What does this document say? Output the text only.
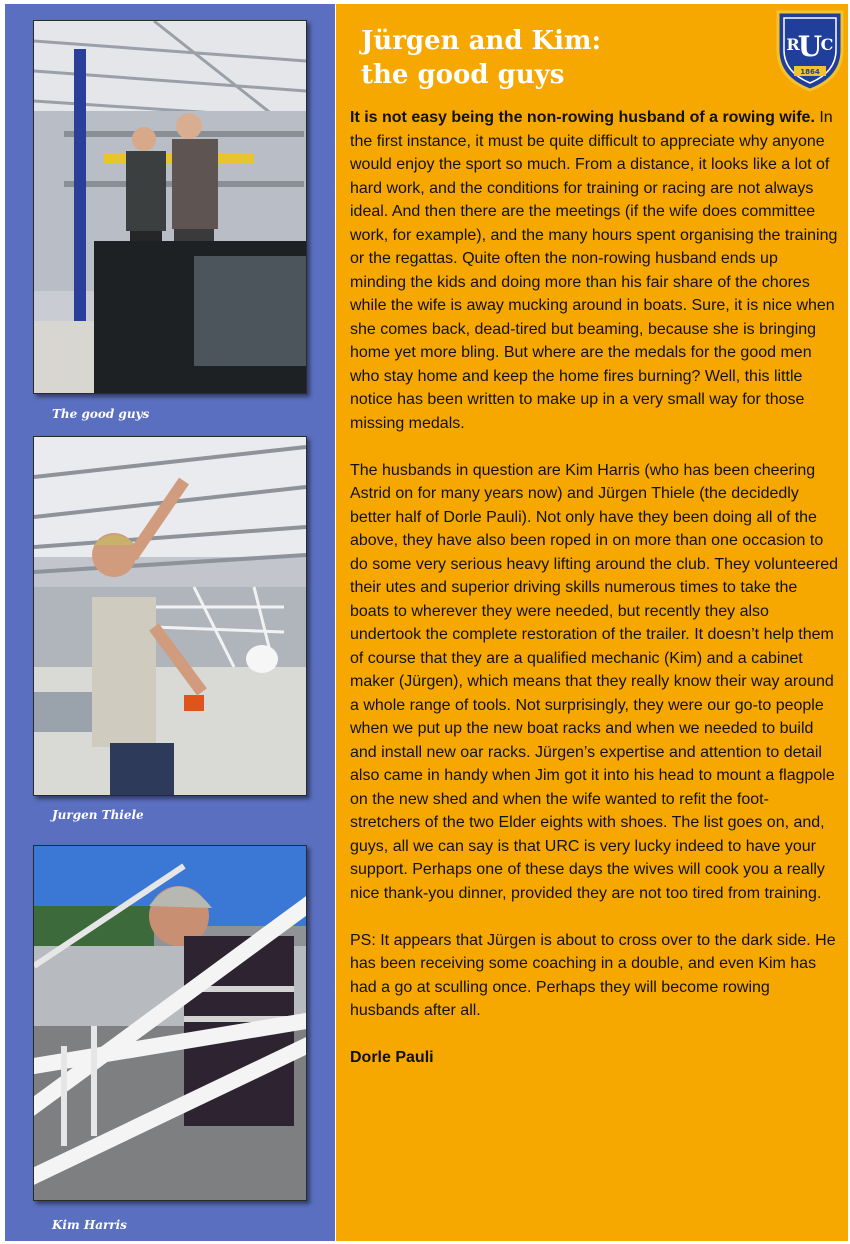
The good guys
Jurgen Thiele
Kim Harris
Jürgen and Kim:
the good guys
R
U
C
1864

It is not easy being the non-rowing husband of a rowing wife. In the first instance, it must be quite difficult to appreciate why anyone would enjoy the sport so much. From a distance, it looks like a lot of hard work, and the conditions for training or racing are not always ideal. And then there are the meetings (if the wife does committee work, for example), and the many hours spent organising the training or the regattas. Quite often the non-rowing husband ends up minding the kids and doing more than his fair share of the chores while the wife is away mucking around in boats. Sure, it is nice when she comes back, dead-tired but beaming, because she is bringing home yet more bling. But where are the medals for the good men who stay home and keep the home fires burning? Well, this little notice has been written to make up in a very small way for those missing medals.

The husbands in question are Kim Harris (who has been cheering Astrid on for many years now) and Jürgen Thiele (the decidedly better half of Dorle Pauli). Not only have they been doing all of the above, they have also been roped in on more than one occasion to do some very serious heavy lifting around the club. They volunteered their utes and superior driving skills numerous times to take the boats to wherever they were needed, but recently they also undertook the complete restoration of the trailer. It doesn’t help them of course that they are a qualified mechanic (Kim) and a cabinet maker (Jürgen), which means that they really know their way around a whole range of tools. Not surprisingly, they were our go-to people when we put up the new boat racks and when we needed to build and install new oar racks. Jürgen’s expertise and attention to detail also came in handy when Jim got it into his head to mount a flagpole on the new shed and when the wife wanted to refit the foot-stretchers of the two Elder eights with shoes. The list goes on, and, guys, all we can say is that URC is very lucky indeed to have your support. Perhaps one of these days the wives will cook you a really nice thank-you dinner, provided they are not too tired from training.

PS: It appears that Jürgen is about to cross over to the dark side. He has been receiving some coaching in a double, and even Kim has had a go at sculling once. Perhaps they will become rowing husbands after all.

Dorle Pauli
